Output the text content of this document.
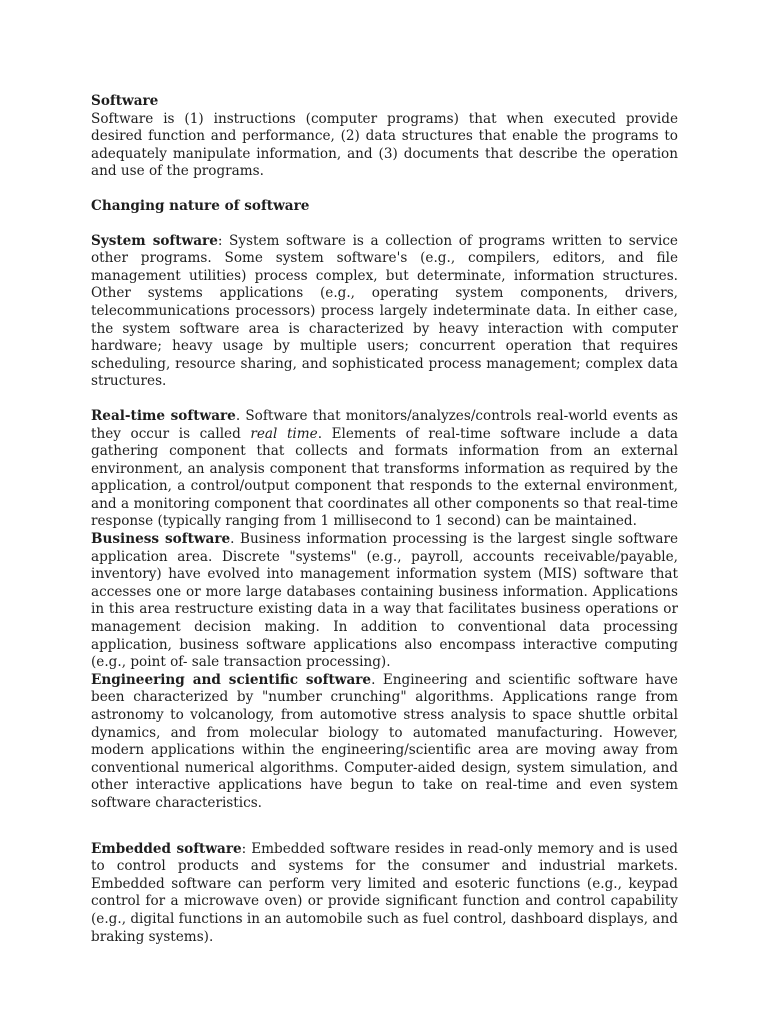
Software

Software is (1) instructions (computer programs) that when executed provide desired function and performance, (2) data structures that enable the programs to adequately manipulate information, and (3) documents that describe the operation and use of the programs.

Changing nature of software

System software: System software is a collection of programs written to service other programs. Some system software's (e.g., compilers, editors, and file management utilities) process complex, but determinate, information structures. Other systems applications (e.g., operating system components, drivers, telecommunications processors) process largely indeterminate data. In either case, the system software area is characterized by heavy interaction with computer hardware; heavy usage by multiple users; concurrent operation that requires scheduling, resource sharing, and sophisticated process management; complex data structures.

Real-time software. Software that monitors/analyzes/controls real-world events as they occur is called real time. Elements of real-time software include a data gathering component that collects and formats information from an external environment, an analysis component that transforms information as required by the application, a control/output component that responds to the external environment, and a monitoring component that coordinates all other components so that real-time response (typically ranging from 1 millisecond to 1 second) can be maintained.

Business software. Business information processing is the largest single software application area. Discrete "systems" (e.g., payroll, accounts receivable/payable, inventory) have evolved into management information system (MIS) software that accesses one or more large databases containing business information. Applications in this area restructure existing data in a way that facilitates business operations or management decision making. In addition to conventional data processing application, business software applications also encompass interactive computing (e.g., point of- sale transaction processing).

Engineering and scientific software. Engineering and scientific software have been characterized by "number crunching" algorithms. Applications range from astronomy to volcanology, from automotive stress analysis to space shuttle orbital dynamics, and from molecular biology to automated manufacturing. However, modern applications within the engineering/scientific area are moving away from conventional numerical algorithms. Computer-aided design, system simulation, and other interactive applications have begun to take on real-time and even system software characteristics.

Embedded software: Embedded software resides in read-only memory and is used to control products and systems for the consumer and industrial markets. Embedded software can perform very limited and esoteric functions (e.g., keypad control for a microwave oven) or provide significant function and control capability (e.g., digital functions in an automobile such as fuel control, dashboard displays, and braking systems).
